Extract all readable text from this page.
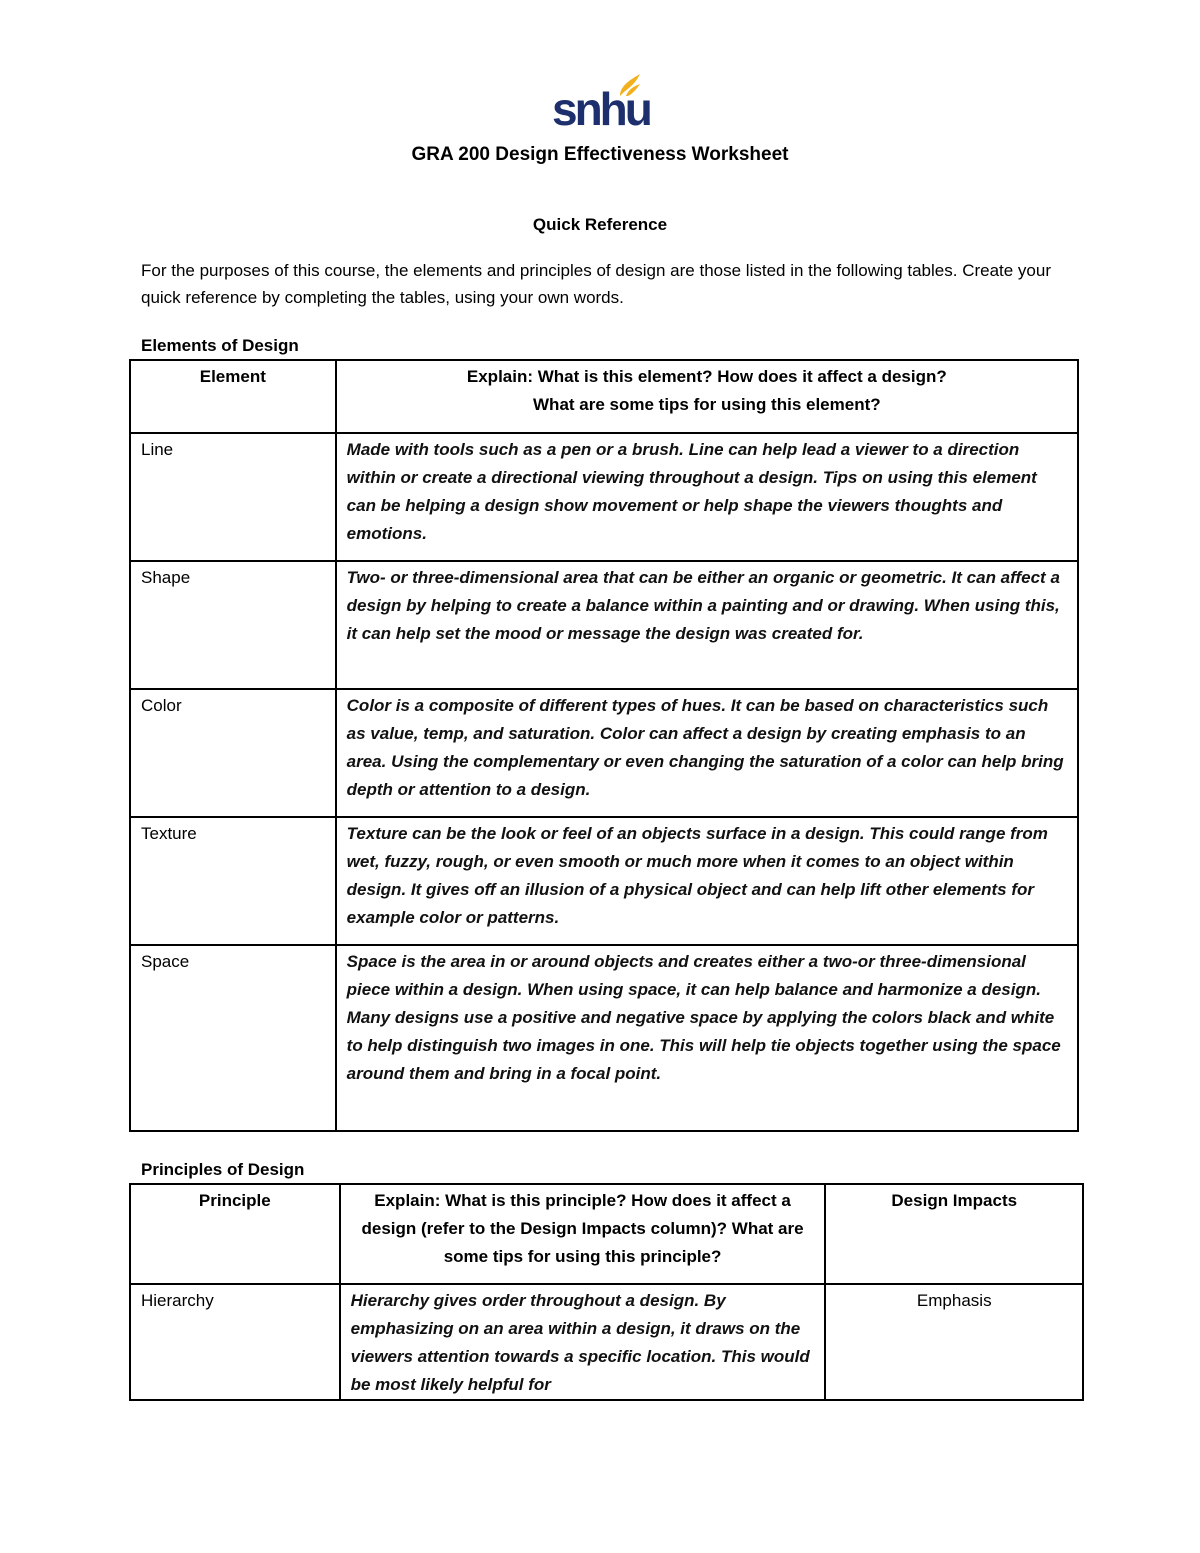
snhu
GRA 200 Design Effectiveness Worksheet
Quick Reference

For the purposes of this course, the elements and principles of design are those listed in the following tables. Create your quick reference by completing the tables, using your own words.

Elements of Design
Element	Explain: What is this element? How does it affect a design?
What are some tips for using this element?

Line	Made with tools such as a pen or a brush. Line can help lead a viewer to a direction within or create a directional viewing throughout a design. Tips on using this element can be helping a design show movement or help shape the viewers thoughts and emotions.
Shape	Two- or three-dimensional area that can be either an organic or geometric. It can affect a design by helping to create a balance within a painting and or drawing. When using this, it can help set the mood or message the design was created for.
Color	Color is a composite of different types of hues. It can be based on characteristics such as value, temp, and saturation. Color can affect a design by creating emphasis to an area. Using the complementary or even changing the saturation of a color can help bring depth or attention to a design.
Texture	Texture can be the look or feel of an objects surface in a design. This could range from wet, fuzzy, rough, or even smooth or much more when it comes to an object within design. It gives off an illusion of a physical object and can help lift other elements for example color or patterns.
Space	Space is the area in or around objects and creates either a two-or three-dimensional piece within a design. When using space, it can help balance and harmonize a design. Many designs use a positive and negative space by applying the colors black and white to help distinguish two images in one. This will help tie objects together using the space around them and bring in a focal point.
Principles of Design
Principle	Explain: What is this principle? How does it affect a design (refer to the Design Impacts column)? What are some tips for using this principle?	Design Impacts
Hierarchy	Hierarchy gives order throughout a design. By emphasizing on an area within a design, it draws on the viewers attention towards a specific location. This would be most likely helpful for	Emphasis
